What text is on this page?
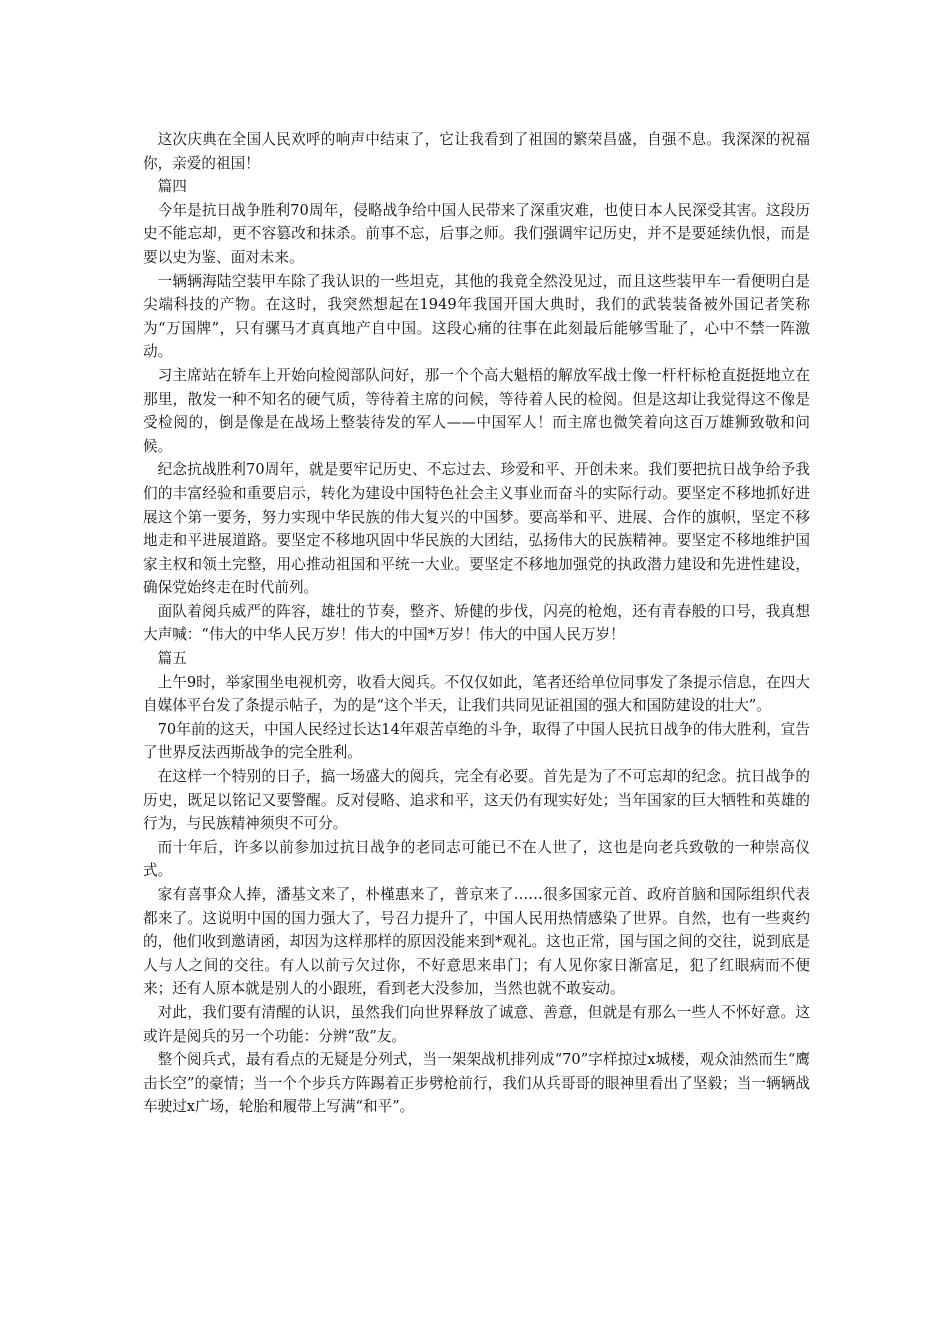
这次庆典在全国人民欢呼的响声中结束了，它让我看到了祖国的繁荣昌盛，自强不息。我深深的祝福你，亲爱的祖国！

篇四

今年是抗日战争胜利70周年，侵略战争给中国人民带来了深重灾难，也使日本人民深受其害。这段历史不能忘却，更不容篡改和抹杀。前事不忘，后事之师。我们强调牢记历史，并不是要延续仇恨，而是要以史为鉴、面对未来。

一辆辆海陆空装甲车除了我认识的一些坦克，其他的我竟全然没见过，而且这些装甲车一看便明白是尖端科技的产物。在这时，我突然想起在1949年我国开国大典时，我们的武装装备被外国记者笑称为“万国牌”，只有骡马才真真地产自中国。这段心痛的往事在此刻最后能够雪耻了，心中不禁一阵激动。

习主席站在轿车上开始向检阅部队问好，那一个个高大魁梧的解放军战士像一杆杆标枪直挺挺地立在那里，散发一种不知名的硬气质，等待着主席的问候，等待着人民的检阅。但是这却让我觉得这不像是受检阅的，倒是像是在战场上整装待发的军人——中国军人！而主席也微笑着向这百万雄狮致敬和问候。

纪念抗战胜利70周年，就是要牢记历史、不忘过去、珍爱和平、开创未来。我们要把抗日战争给予我们的丰富经验和重要启示，转化为建设中国特色社会主义事业而奋斗的实际行动。要坚定不移地抓好进展这个第一要务，努力实现中华民族的伟大复兴的中国梦。要高举和平、进展、合作的旗帜，坚定不移地走和平进展道路。要坚定不移地巩固中华民族的大团结，弘扬伟大的民族精神。要坚定不移地维护国家主权和领土完整，用心推动祖国和平统一大业。要坚定不移地加强党的执政潜力建设和先进性建设，确保党始终走在时代前列。

面队着阅兵威严的阵容，雄壮的节奏，整齐、矫健的步伐，闪亮的枪炮，还有青春般的口号，我真想大声喊：“伟大的中华人民万岁！伟大的中国*万岁！伟大的中国人民万岁！

篇五

上午9时，举家围坐电视机旁，收看大阅兵。不仅仅如此，笔者还给单位同事发了条提示信息，在四大自媒体平台发了条提示帖子，为的是“这个半天，让我们共同见证祖国的强大和国防建设的壮大”。

70年前的这天，中国人民经过长达14年艰苦卓绝的斗争，取得了中国人民抗日战争的伟大胜利，宣告了世界反法西斯战争的完全胜利。

在这样一个特别的日子，搞一场盛大的阅兵，完全有必要。首先是为了不可忘却的纪念。抗日战争的历史，既足以铭记又要警醒。反对侵略、追求和平，这天仍有现实好处；当年国家的巨大牺牲和英雄的行为，与民族精神须臾不可分。

而十年后，许多以前参加过抗日战争的老同志可能已不在人世了，这也是向老兵致敬的一种崇高仪式。

家有喜事众人捧，潘基文来了，朴槿惠来了，普京来了……很多国家元首、政府首脑和国际组织代表都来了。这说明中国的国力强大了，号召力提升了，中国人民用热情感染了世界。自然，也有一些爽约的，他们收到邀请函，却因为这样那样的原因没能来到*观礼。这也正常，国与国之间的交往，说到底是人与人之间的交往。有人以前亏欠过你，不好意思来串门；有人见你家日渐富足，犯了红眼病而不便来；还有人原本就是别人的小跟班，看到老大没参加，当然也就不敢妄动。

对此，我们要有清醒的认识，虽然我们向世界释放了诚意、善意，但就是有那么一些人不怀好意。这或许是阅兵的另一个功能：分辨“敌”友。

整个阅兵式，最有看点的无疑是分列式，当一架架战机排列成“70”字样掠过x城楼，观众油然而生“鹰击长空”的豪情；当一个个步兵方阵踢着正步劈枪前行，我们从兵哥哥的眼神里看出了坚毅；当一辆辆战车驶过x广场，轮胎和履带上写满“和平”。
